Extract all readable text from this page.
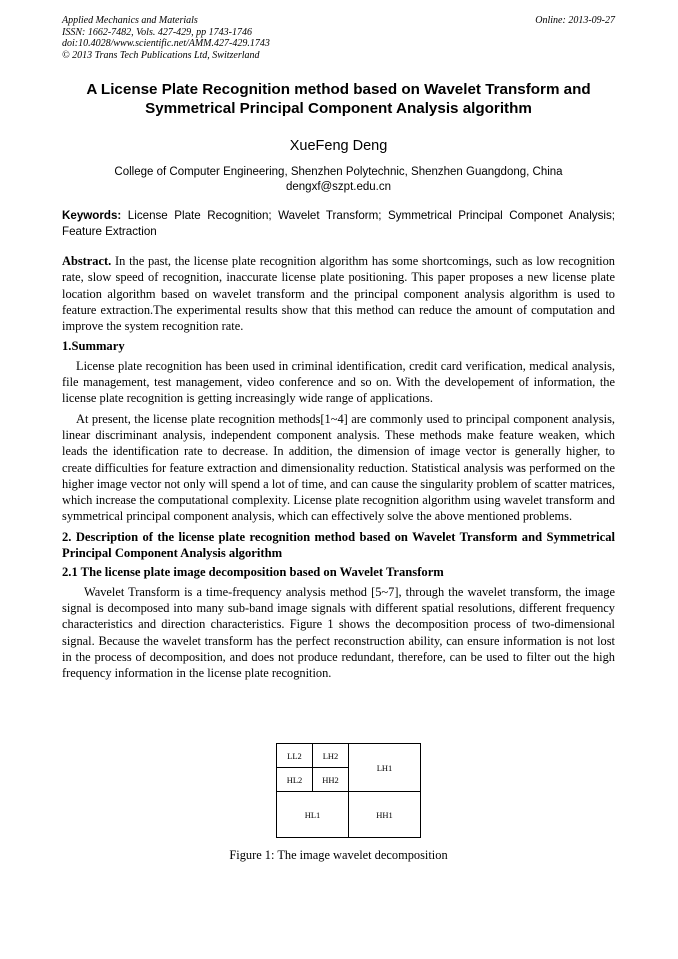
Applied Mechanics and Materials
ISSN: 1662-7482, Vols. 427-429, pp 1743-1746
doi:10.4028/www.scientific.net/AMM.427-429.1743
© 2013 Trans Tech Publications Ltd, Switzerland
Online: 2013-09-27
A License Plate Recognition method based on Wavelet Transform and
Symmetrical Principal Component Analysis algorithm
XueFeng Deng
College of Computer Engineering, Shenzhen Polytechnic, Shenzhen Guangdong, China
dengxf@szpt.edu.cn
Keywords: License Plate Recognition; Wavelet Transform; Symmetrical Principal Componet Analysis; Feature Extraction

Abstract. In the past, the license plate recognition algorithm has some shortcomings, such as low recognition rate, slow speed of recognition, inaccurate license plate positioning. This paper proposes a new license plate location algorithm based on wavelet transform and the principal component analysis algorithm is used to feature extraction.The experimental results show that this method can reduce the amount of computation and improve the system recognition rate.

1.Summary

License plate recognition has been used in criminal identification, credit card verification, medical analysis, file management, test management, video conference and so on. With the developement of information, the license plate recognition is getting increasingly wide range of applications.

At present, the license plate recognition methods[1~4] are commonly used to principal component analysis, linear discriminant analysis, independent component analysis. These methods make feature weaken, which leads the identification rate to decrease. In addition, the dimension of image vector is generally higher, to create difficulties for feature extraction and dimensionality reduction. Statistical analysis was performed on the higher image vector not only will spend a lot of time, and can cause the singularity problem of scatter matrices, which increase the computational complexity. License plate recognition algorithm using wavelet transform and symmetrical principal component analysis, which can effectively solve the above mentioned problems.

2. Description of the license plate recognition method based on Wavelet Transform and Symmetrical Principal Component Analysis algorithm
2.1 The license plate image decomposition based on Wavelet Transform

Wavelet Transform is a time-frequency analysis method [5~7], through the wavelet transform, the image signal is decomposed into many sub-band image signals with different spatial resolutions, different frequency characteristics and direction characteristics. Figure 1 shows the decomposition process of two-dimensional signal. Because the wavelet transform has the perfect reconstruction ability, can ensure information is not lost in the process of decomposition, and does not produce redundant, therefore, can be used to filter out the high frequency information in the license plate recognition.

LL2	LH2
HL2	HH2
LH1
HL1	HH1
Figure 1: The image wavelet decomposition
